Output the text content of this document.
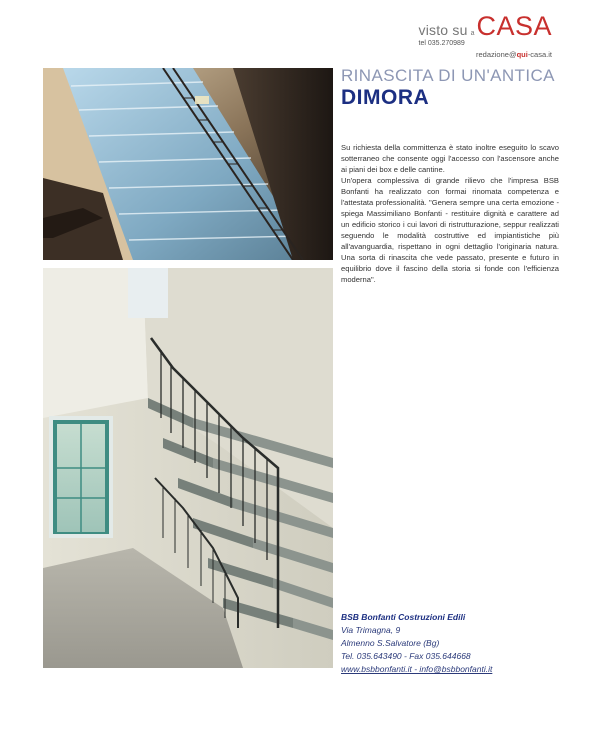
visto su a CASA
tel 035.270989
redazione@qui-casa.it
RINASCITA DI UN'ANTICA
DIMORA

Su richiesta della committenza è stato inoltre eseguito lo scavo sotterraneo che consente oggi l'accesso con l'ascensore anche ai piani dei box e delle cantine.

Un'opera complessiva di grande rilievo che l'impresa BSB Bonfanti ha realizzato con formai rinomata competenza e l'attestata professionalità. "Genera sempre una certa emozione - spiega Massimiliano Bonfanti - restituire dignità e carattere ad un edificio storico i cui lavori di ristrutturazione, seppur realizzati seguendo le modalità costruttive ed impiantistiche più all'avanguardia, rispettano in ogni dettaglio l'originaria natura. Una sorta di rinascita che vede passato, presente e futuro in equilibrio dove il fascino della storia si fonde con l'efficienza moderna".

BSB Bonfanti Costruzioni Edili
Via Trimagna, 9
Almenno S.Salvatore (Bg)
Tel. 035.643490 - Fax 035.644668
www.bsbbonfanti.it - info@bsbbonfanti.it
